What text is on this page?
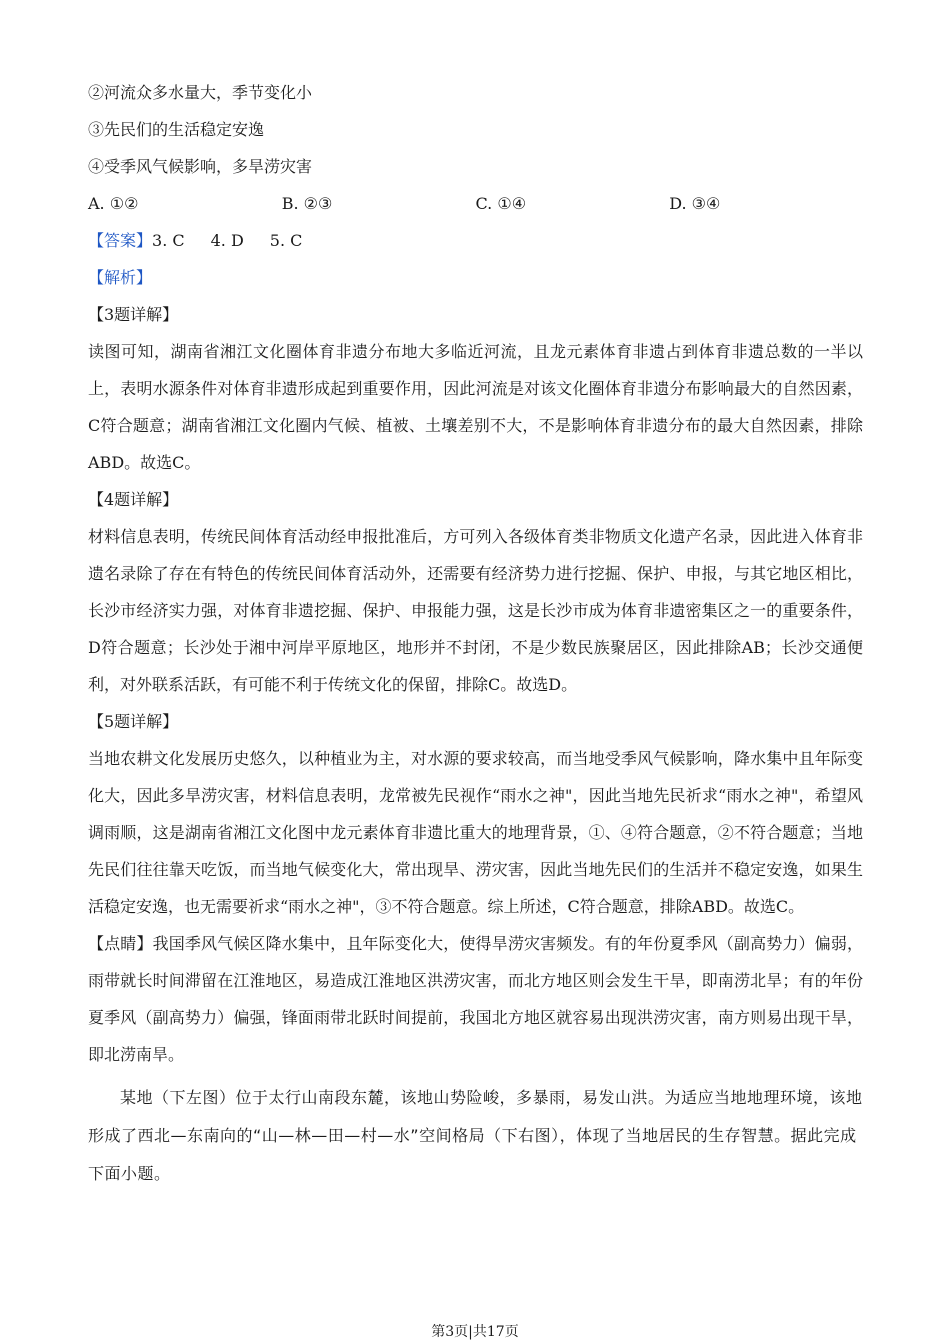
②河流众多水量大，季节变化小
③先民们的生活稳定安逸
④受季风气候影响，多旱涝灾害
A. ①②	B. ②③	C. ①④	D. ③④
【答案】3. C 4. D 5. C
【解析】
【3题详解】
读图可知，湖南省湘江文化圈体育非遗分布地大多临近河流，且龙元素体育非遗占到体育非遗总数的一半以上，表明水源条件对体育非遗形成起到重要作用，因此河流是对该文化圈体育非遗分布影响最大的自然因素，C符合题意；湖南省湘江文化圈内气候、植被、土壤差别不大，不是影响体育非遗分布的最大自然因素，排除ABD。故选C。
【4题详解】
材料信息表明，传统民间体育活动经申报批准后，方可列入各级体育类非物质文化遗产名录，因此进入体育非遗名录除了存在有特色的传统民间体育活动外，还需要有经济势力进行挖掘、保护、申报，与其它地区相比，长沙市经济实力强，对体育非遗挖掘、保护、申报能力强，这是长沙市成为体育非遗密集区之一的重要条件，D符合题意；长沙处于湘中河岸平原地区，地形并不封闭，不是少数民族聚居区，因此排除AB；长沙交通便利，对外联系活跃，有可能不利于传统文化的保留，排除C。故选D。
【5题详解】
当地农耕文化发展历史悠久，以种植业为主，对水源的要求较高，而当地受季风气候影响，降水集中且年际变化大，因此多旱涝灾害，材料信息表明，龙常被先民视作“雨水之神"，因此当地先民祈求“雨水之神"，希望风调雨顺，这是湖南省湘江文化图中龙元素体育非遗比重大的地理背景，①、④符合题意，②不符合题意；当地先民们往往靠天吃饭，而当地气候变化大，常出现旱、涝灾害，因此当地先民们的生活并不稳定安逸，如果生活稳定安逸，也无需要祈求“雨水之神"，③不符合题意。综上所述，C符合题意，排除ABD。故选C。
【点睛】我国季风气候区降水集中，且年际变化大，使得旱涝灾害频发。有的年份夏季风（副高势力）偏弱，雨带就长时间滞留在江淮地区，易造成江淮地区洪涝灾害，而北方地区则会发生干旱，即南涝北旱；有的年份夏季风（副高势力）偏强，锋面雨带北跃时间提前，我国北方地区就容易出现洪涝灾害，南方则易出现干旱，即北涝南旱。
某地（下左图）位于太行山南段东麓，该地山势险峻，多暴雨，易发山洪。为适应当地地理环境，该地形成了西北—东南向的“山—林—田—村—水”空间格局（下右图），体现了当地居民的生存智慧。据此完成下面小题。
第3页|共17页
